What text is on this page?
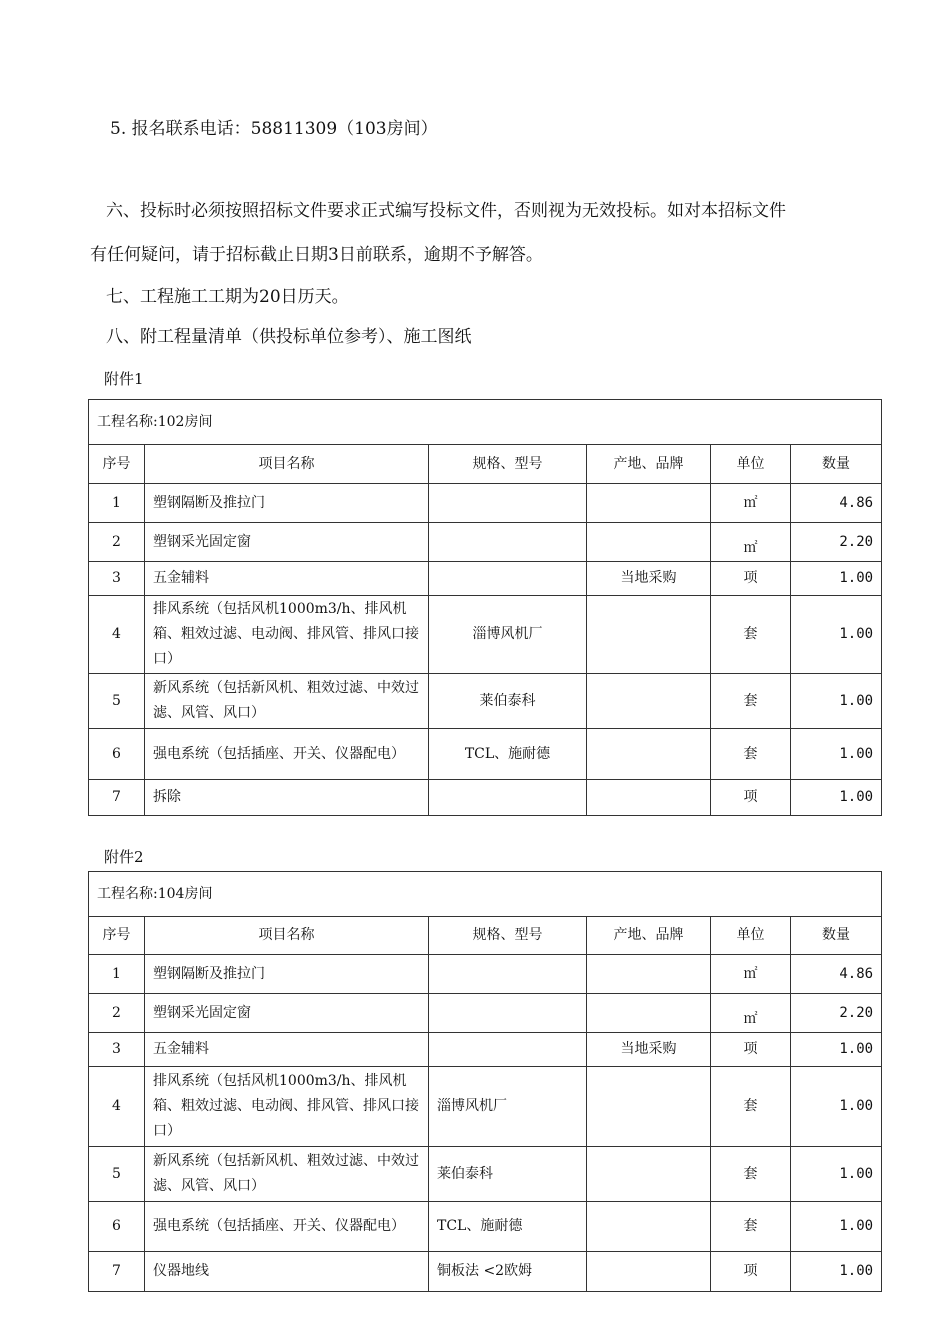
5. 报名联系电话：58811309（103房间）
六、投标时必须按照招标文件要求正式编写投标文件，否则视为无效投标。如对本招标文件
有任何疑问，请于招标截止日期3日前联系，逾期不予解答。
七、工程施工工期为20日历天。
八、附工程量清单（供投标单位参考）、施工图纸
附件1
工程名称:102房间					
序号	项目名称	规格、型号	产地、品牌	单位	数量
1	塑钢隔断及推拉门			㎡	4.86
2	塑钢采光固定窗			㎡	2.20
3	五金辅料		当地采购	项	1.00
4	排风系统（包括风机1000m3/h、排风机箱、粗效过滤、电动阀、排风管、排风口接口）	淄博风机厂		套	1.00
5	新风系统（包括新风机、粗效过滤、中效过滤、风管、风口）	莱伯泰科		套	1.00
6	强电系统（包括插座、开关、仪器配电）	TCL、施耐德		套	1.00
7	拆除			项	1.00
附件2
工程名称:104房间					
序号	项目名称	规格、型号	产地、品牌	单位	数量
1	塑钢隔断及推拉门			㎡	4.86
2	塑钢采光固定窗			㎡	2.20
3	五金辅料		当地采购	项	1.00
4	排风系统（包括风机1000m3/h、排风机箱、粗效过滤、电动阀、排风管、排风口接口）	淄博风机厂		套	1.00
5	新风系统（包括新风机、粗效过滤、中效过滤、风管、风口）	莱伯泰科		套	1.00
6	强电系统（包括插座、开关、仪器配电）	TCL、施耐德		套	1.00
7	仪器地线	铜板法 <2欧姆		项	1.00
